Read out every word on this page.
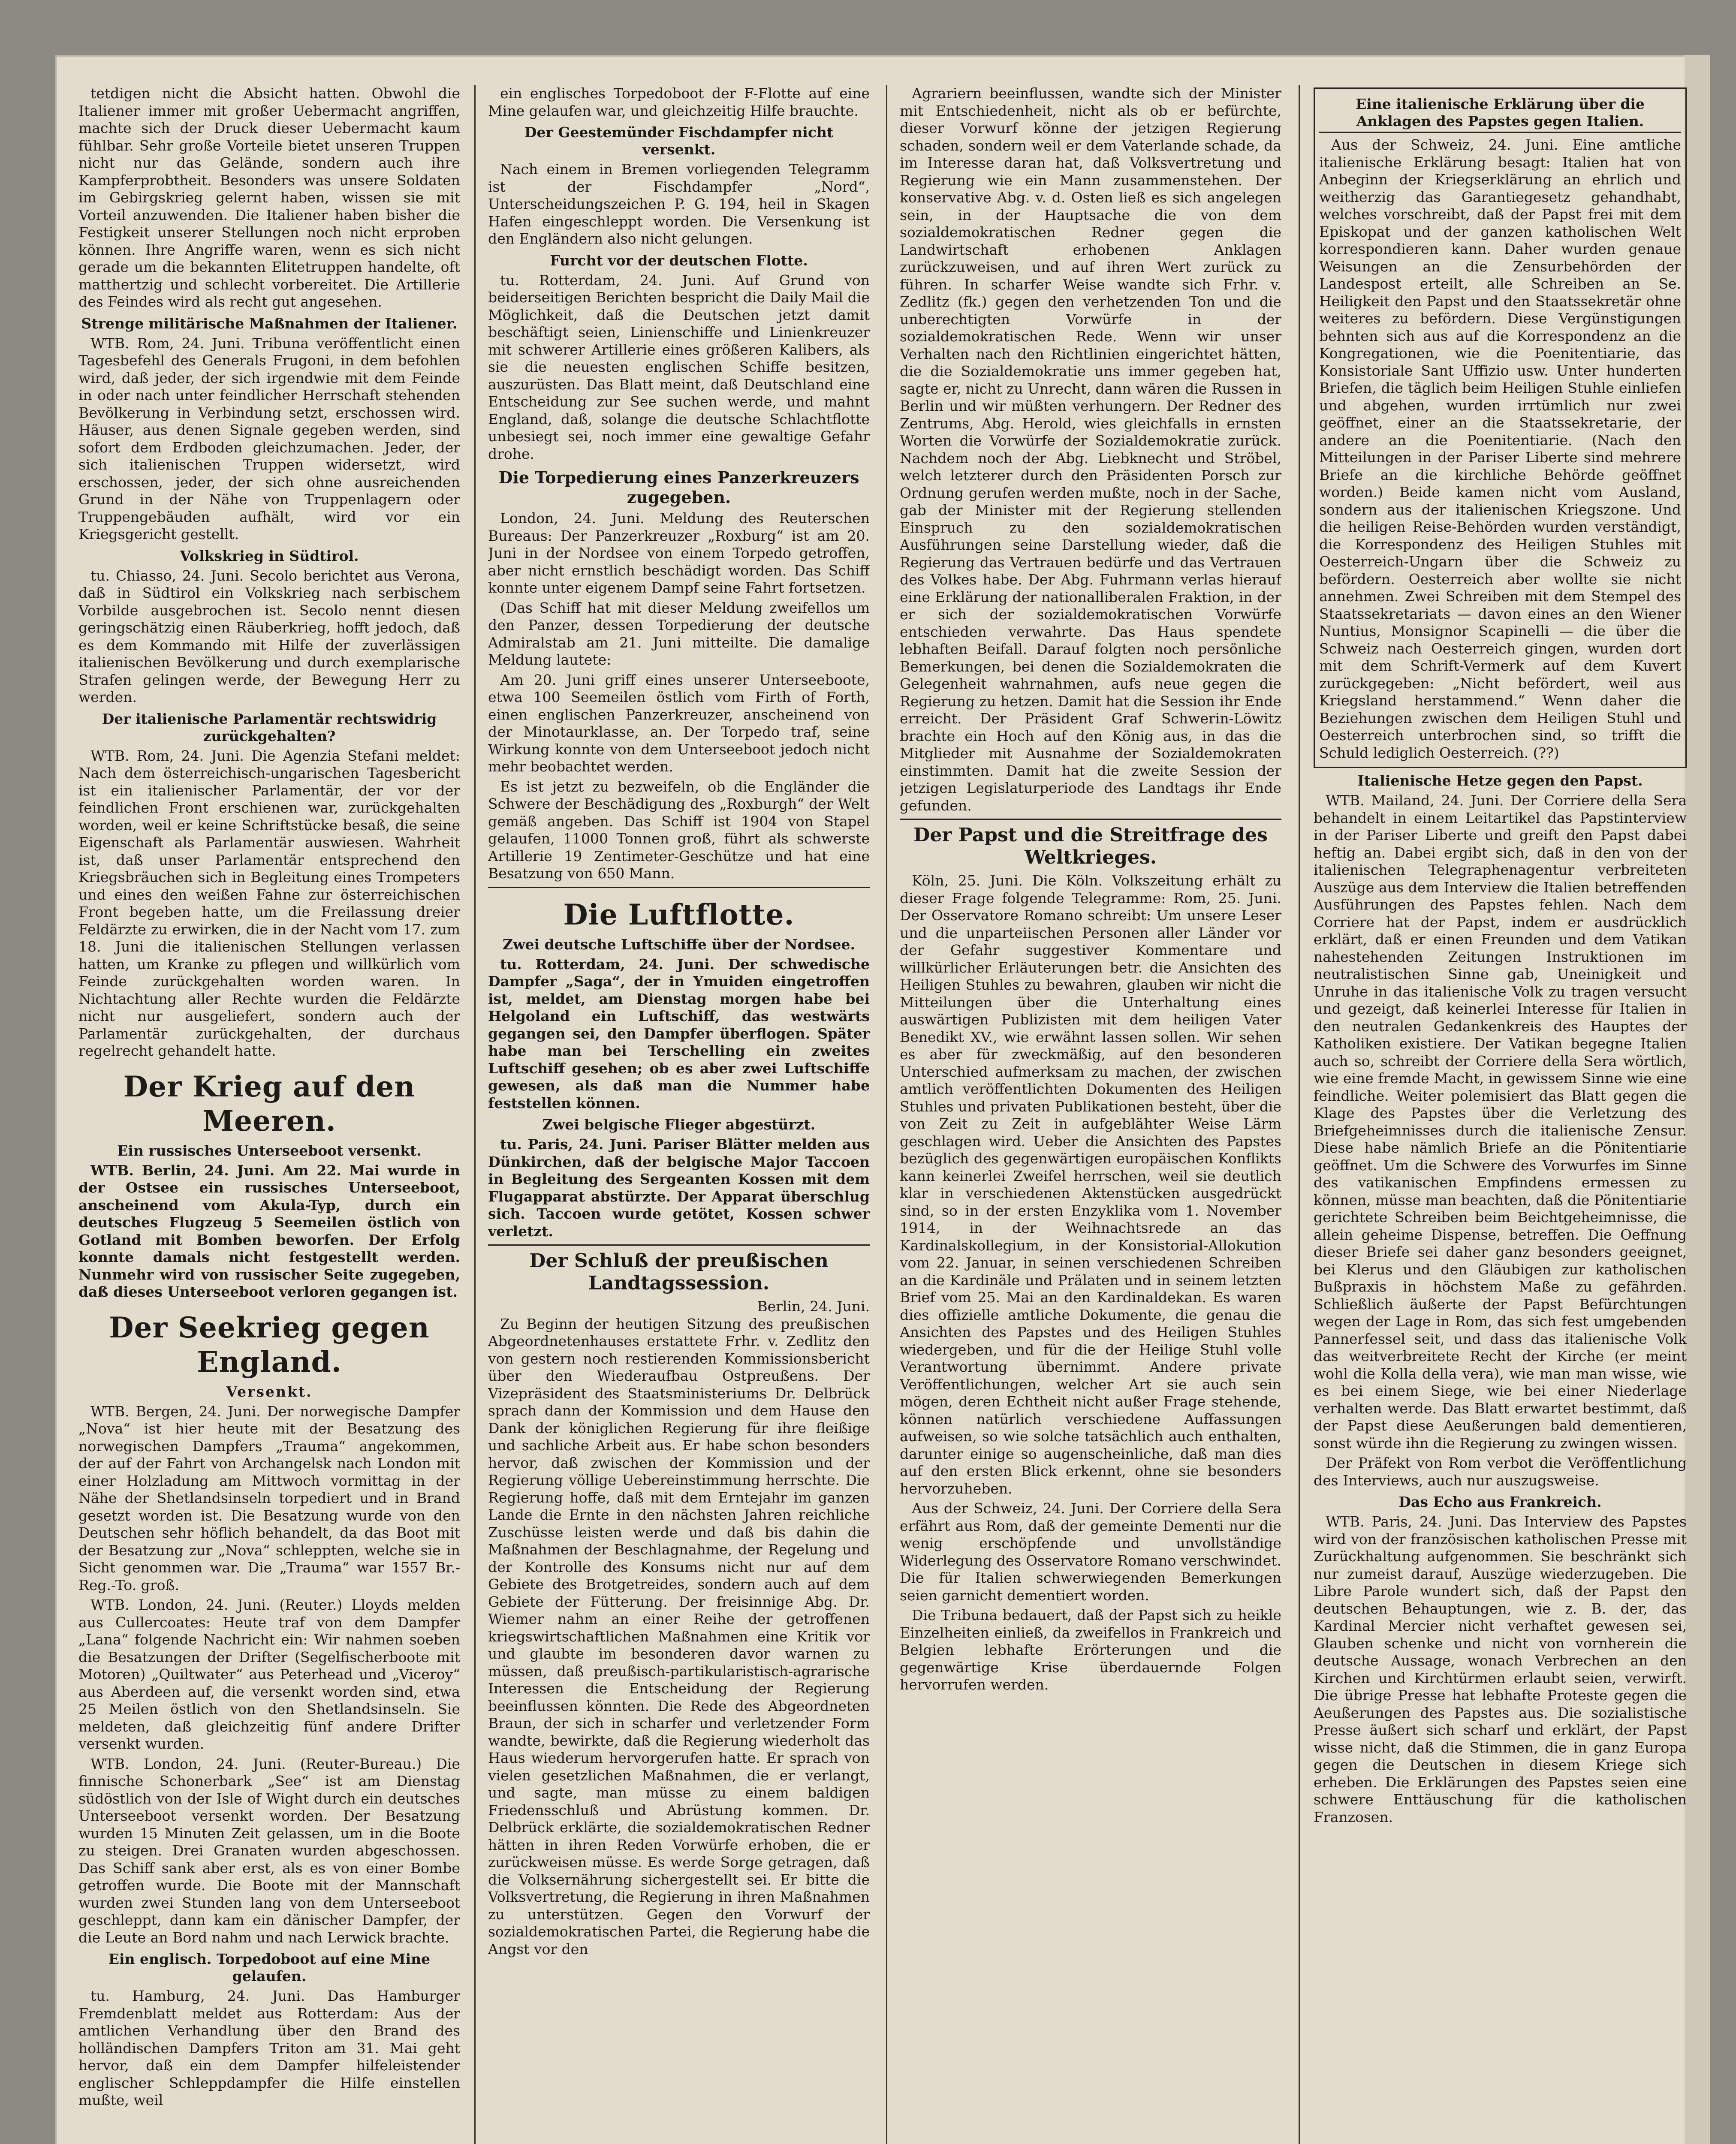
tetdigen nicht die Absicht hatten. Obwohl die Italiener immer mit großer Uebermacht angriffen, machte sich der Druck dieser Uebermacht kaum fühlbar. Sehr große Vorteile bietet unseren Truppen nicht nur das Gelände, sondern auch ihre Kampferprobtheit. Besonders was unsere Soldaten im Gebirgskrieg gelernt haben, wissen sie mit Vorteil anzuwenden. Die Italiener haben bisher die Festigkeit unserer Stellungen noch nicht erproben können. Ihre Angriffe waren, wenn es sich nicht gerade um die bekannten Elitetruppen handelte, oft matthertzig und schlecht vorbereitet. Die Artillerie des Feindes wird als recht gut angesehen.

Strenge militärische Maßnahmen der Italiener.

WTB. Rom, 24. Juni. Tribuna veröffentlicht einen Tagesbefehl des Generals Frugoni, in dem befohlen wird, daß jeder, der sich irgendwie mit dem Feinde in oder nach unter feindlicher Herrschaft stehenden Bevölkerung in Verbindung setzt, erschossen wird. Häuser, aus denen Signale gegeben werden, sind sofort dem Erdboden gleichzumachen. Jeder, der sich italienischen Truppen widersetzt, wird erschossen, jeder, der sich ohne ausreichenden Grund in der Nähe von Truppenlagern oder Truppengebäuden aufhält, wird vor ein Kriegsgericht gestellt.

Volkskrieg in Südtirol.

tu. Chiasso, 24. Juni. Secolo berichtet aus Verona, daß in Südtirol ein Volkskrieg nach serbischem Vorbilde ausgebrochen ist. Secolo nennt diesen geringschätzig einen Räuberkrieg, hofft jedoch, daß es dem Kommando mit Hilfe der zuverlässigen italienischen Bevölkerung und durch exemplarische Strafen gelingen werde, der Bewegung Herr zu werden.

Der italienische Parlamentär rechtswidrig zurückgehalten?

WTB. Rom, 24. Juni. Die Agenzia Stefani meldet: Nach dem österreichisch-ungarischen Tagesbericht ist ein italienischer Parlamentär, der vor der feindlichen Front erschienen war, zurückgehalten worden, weil er keine Schriftstücke besaß, die seine Eigenschaft als Parlamentär auswiesen. Wahrheit ist, daß unser Parlamentär entsprechend den Kriegsbräuchen sich in Begleitung eines Trompeters und eines den weißen Fahne zur österreichischen Front begeben hatte, um die Freilassung dreier Feldärzte zu erwirken, die in der Nacht vom 17. zum 18. Juni die italienischen Stellungen verlassen hatten, um Kranke zu pflegen und willkürlich vom Feinde zurückgehalten worden waren. In Nichtachtung aller Rechte wurden die Feldärzte nicht nur ausgeliefert, sondern auch der Parlamentär zurückgehalten, der durchaus regelrecht gehandelt hatte.

Der Krieg auf den Meeren.
Ein russisches Unterseeboot versenkt.

WTB. Berlin, 24. Juni. Am 22. Mai wurde in der Ostsee ein russisches Unterseeboot, anscheinend vom Akula-Typ, durch ein deutsches Flugzeug 5 Seemeilen östlich von Gotland mit Bomben beworfen. Der Erfolg konnte damals nicht festgestellt werden. Nunmehr wird von russischer Seite zugegeben, daß dieses Unterseeboot verloren gegangen ist.

Der Seekrieg gegen England.
Versenkt.

WTB. Bergen, 24. Juni. Der norwegische Dampfer „Nova“ ist hier heute mit der Besatzung des norwegischen Dampfers „Trauma“ angekommen, der auf der Fahrt von Archangelsk nach London mit einer Holzladung am Mittwoch vormittag in der Nähe der Shetlandsinseln torpediert und in Brand gesetzt worden ist. Die Besatzung wurde von den Deutschen sehr höflich behandelt, da das Boot mit der Besatzung zur „Nova“ schleppten, welche sie in Sicht genommen war. Die „Trauma“ war 1557 Br.-Reg.-To. groß.

WTB. London, 24. Juni. (Reuter.) Lloyds melden aus Cullercoates: Heute traf von dem Dampfer „Lana“ folgende Nachricht ein: Wir nahmen soeben die Besatzungen der Drifter (Segelfischerboote mit Motoren) „Quiltwater“ aus Peterhead und „Viceroy“ aus Aberdeen auf, die versenkt worden sind, etwa 25 Meilen östlich von den Shetlandsinseln. Sie meldeten, daß gleichzeitig fünf andere Drifter versenkt wurden.

WTB. London, 24. Juni. (Reuter-Bureau.) Die finnische Schonerbark „See“ ist am Dienstag südöstlich von der Isle of Wight durch ein deutsches Unterseeboot versenkt worden. Der Besatzung wurden 15 Minuten Zeit gelassen, um in die Boote zu steigen. Drei Granaten wurden abgeschossen. Das Schiff sank aber erst, als es von einer Bombe getroffen wurde. Die Boote mit der Mannschaft wurden zwei Stunden lang von dem Unterseeboot geschleppt, dann kam ein dänischer Dampfer, der die Leute an Bord nahm und nach Lerwick brachte.

Ein englisch. Torpedoboot auf eine Mine gelaufen.

tu. Hamburg, 24. Juni. Das Hamburger Fremdenblatt meldet aus Rotterdam: Aus der amtlichen Verhandlung über den Brand des holländischen Dampfers Triton am 31. Mai geht hervor, daß ein dem Dampfer hilfeleistender englischer Schleppdampfer die Hilfe einstellen mußte, weil

ein englisches Torpedoboot der F-Flotte auf eine Mine gelaufen war, und gleichzeitig Hilfe brauchte.

Der Geestemünder Fischdampfer nicht versenkt.

Nach einem in Bremen vorliegenden Telegramm ist der Fischdampfer „Nord“, Unterscheidungszeichen P. G. 194, heil in Skagen Hafen eingeschleppt worden. Die Versenkung ist den Engländern also nicht gelungen.

Furcht vor der deutschen Flotte.

tu. Rotterdam, 24. Juni. Auf Grund von beiderseitigen Berichten bespricht die Daily Mail die Möglichkeit, daß die Deutschen jetzt damit beschäftigt seien, Linienschiffe und Linienkreuzer mit schwerer Artillerie eines größeren Kalibers, als sie die neuesten englischen Schiffe besitzen, auszurüsten. Das Blatt meint, daß Deutschland eine Entscheidung zur See suchen werde, und mahnt England, daß, solange die deutsche Schlachtflotte unbesiegt sei, noch immer eine gewaltige Gefahr drohe.

Die Torpedierung eines Panzerkreuzers zugegeben.

London, 24. Juni. Meldung des Reuterschen Bureaus: Der Panzerkreuzer „Roxburg“ ist am 20. Juni in der Nordsee von einem Torpedo getroffen, aber nicht ernstlich beschädigt worden. Das Schiff konnte unter eigenem Dampf seine Fahrt fortsetzen.

(Das Schiff hat mit dieser Meldung zweifellos um den Panzer, dessen Torpedierung der deutsche Admiralstab am 21. Juni mitteilte. Die damalige Meldung lautete:

Am 20. Juni griff eines unserer Unterseeboote, etwa 100 Seemeilen östlich vom Firth of Forth, einen englischen Panzerkreuzer, anscheinend von der Minotaurklasse, an. Der Torpedo traf, seine Wirkung konnte von dem Unterseeboot jedoch nicht mehr beobachtet werden.

Es ist jetzt zu bezweifeln, ob die Engländer die Schwere der Beschädigung des „Roxburgh“ der Welt gemäß angeben. Das Schiff ist 1904 von Stapel gelaufen, 11000 Tonnen groß, führt als schwerste Artillerie 19 Zentimeter-Geschütze und hat eine Besatzung von 650 Mann.

Die Luftflotte.
Zwei deutsche Luftschiffe über der Nordsee.

tu. Rotterdam, 24. Juni. Der schwedische Dampfer „Saga“, der in Ymuiden eingetroffen ist, meldet, am Dienstag morgen habe bei Helgoland ein Luftschiff, das westwärts gegangen sei, den Dampfer überflogen. Später habe man bei Terschelling ein zweites Luftschiff gesehen; ob es aber zwei Luftschiffe gewesen, als daß man die Nummer habe feststellen können.

Zwei belgische Flieger abgestürzt.

tu. Paris, 24. Juni. Pariser Blätter melden aus Dünkirchen, daß der belgische Major Taccoen in Begleitung des Sergeanten Kossen mit dem Flugapparat abstürzte. Der Apparat überschlug sich. Taccoen wurde getötet, Kossen schwer verletzt.

Der Schluß der preußischen Landtagssession.
Berlin, 24. Juni.

Zu Beginn der heutigen Sitzung des preußischen Abgeordnetenhauses erstattete Frhr. v. Zedlitz den von gestern noch restierenden Kommissionsbericht über den Wiederaufbau Ostpreußens. Der Vizepräsident des Staatsministeriums Dr. Delbrück sprach dann der Kommission und dem Hause den Dank der königlichen Regierung für ihre fleißige und sachliche Arbeit aus. Er habe schon besonders hervor, daß zwischen der Kommission und der Regierung völlige Uebereinstimmung herrschte. Die Regierung hoffe, daß mit dem Erntejahr im ganzen Lande die Ernte in den nächsten Jahren reichliche Zuschüsse leisten werde und daß bis dahin die Maßnahmen der Beschlagnahme, der Regelung und der Kontrolle des Konsums nicht nur auf dem Gebiete des Brotgetreides, sondern auch auf dem Gebiete der Fütterung. Der freisinnige Abg. Dr. Wiemer nahm an einer Reihe der getroffenen kriegswirtschaftlichen Maßnahmen eine Kritik vor und glaubte im besonderen davor warnen zu müssen, daß preußisch-partikularistisch-agrarische Interessen die Entscheidung der Regierung beeinflussen könnten. Die Rede des Abgeordneten Braun, der sich in scharfer und verletzender Form wandte, bewirkte, daß die Regierung wiederholt das Haus wiederum hervorgerufen hatte. Er sprach von vielen gesetzlichen Maßnahmen, die er verlangt, und sagte, man müsse zu einem baldigen Friedensschluß und Abrüstung kommen. Dr. Delbrück erklärte, die sozialdemokratischen Redner hätten in ihren Reden Vorwürfe erhoben, die er zurückweisen müsse. Es werde Sorge getragen, daß die Volksernährung sichergestellt sei. Er bitte die Volksvertretung, die Regierung in ihren Maßnahmen zu unterstützen. Gegen den Vorwurf der sozialdemokratischen Partei, die Regierung habe die Angst vor den

Agrariern beeinflussen, wandte sich der Minister mit Entschiedenheit, nicht als ob er befürchte, dieser Vorwurf könne der jetzigen Regierung schaden, sondern weil er dem Vaterlande schade, da im Interesse daran hat, daß Volksvertretung und Regierung wie ein Mann zusammenstehen. Der konservative Abg. v. d. Osten ließ es sich angelegen sein, in der Hauptsache die von dem sozialdemokratischen Redner gegen die Landwirtschaft erhobenen Anklagen zurückzuweisen, und auf ihren Wert zurück zu führen. In scharfer Weise wandte sich Frhr. v. Zedlitz (fk.) gegen den verhetzenden Ton und die unberechtigten Vorwürfe in der sozialdemokratischen Rede. Wenn wir unser Verhalten nach den Richtlinien eingerichtet hätten, die die Sozialdemokratie uns immer gegeben hat, sagte er, nicht zu Unrecht, dann wären die Russen in Berlin und wir müßten verhungern. Der Redner des Zentrums, Abg. Herold, wies gleichfalls in ernsten Worten die Vorwürfe der Sozialdemokratie zurück. Nachdem noch der Abg. Liebknecht und Ströbel, welch letzterer durch den Präsidenten Porsch zur Ordnung gerufen werden mußte, noch in der Sache, gab der Minister mit der Regierung stellenden Einspruch zu den sozialdemokratischen Ausführungen seine Darstellung wieder, daß die Regierung das Vertrauen bedürfe und das Vertrauen des Volkes habe. Der Abg. Fuhrmann verlas hierauf eine Erklärung der nationalliberalen Fraktion, in der er sich der sozialdemokratischen Vorwürfe entschieden verwahrte. Das Haus spendete lebhaften Beifall. Darauf folgten noch persönliche Bemerkungen, bei denen die Sozialdemokraten die Gelegenheit wahrnahmen, aufs neue gegen die Regierung zu hetzen. Damit hat die Session ihr Ende erreicht. Der Präsident Graf Schwerin-Löwitz brachte ein Hoch auf den König aus, in das die Mitglieder mit Ausnahme der Sozialdemokraten einstimmten. Damit hat die zweite Session der jetzigen Legislaturperiode des Landtags ihr Ende gefunden.

Der Papst und die Streitfrage des Weltkrieges.

Köln, 25. Juni. Die Köln. Volkszeitung erhält zu dieser Frage folgende Telegramme: Rom, 25. Juni. Der Osservatore Romano schreibt: Um unsere Leser und die unparteiischen Personen aller Länder vor der Gefahr suggestiver Kommentare und willkürlicher Erläuterungen betr. die Ansichten des Heiligen Stuhles zu bewahren, glauben wir nicht die Mitteilungen über die Unterhaltung eines auswärtigen Publizisten mit dem heiligen Vater Benedikt XV., wie erwähnt lassen sollen. Wir sehen es aber für zweckmäßig, auf den besonderen Unterschied aufmerksam zu machen, der zwischen amtlich veröffentlichten Dokumenten des Heiligen Stuhles und privaten Publikationen besteht, über die von Zeit zu Zeit in aufgeblähter Weise Lärm geschlagen wird. Ueber die Ansichten des Papstes bezüglich des gegenwärtigen europäischen Konflikts kann keinerlei Zweifel herrschen, weil sie deutlich klar in verschiedenen Aktenstücken ausgedrückt sind, so in der ersten Enzyklika vom 1. November 1914, in der Weihnachtsrede an das Kardinalskollegium, in der Konsistorial-Allokution vom 22. Januar, in seinen verschiedenen Schreiben an die Kardinäle und Prälaten und in seinem letzten Brief vom 25. Mai an den Kardinaldekan. Es waren dies offizielle amtliche Dokumente, die genau die Ansichten des Papstes und des Heiligen Stuhles wiedergeben, und für die der Heilige Stuhl volle Verantwortung übernimmt. Andere private Veröffentlichungen, welcher Art sie auch sein mögen, deren Echtheit nicht außer Frage stehende, können natürlich verschiedene Auffassungen aufweisen, so wie solche tatsächlich auch enthalten, darunter einige so augenscheinliche, daß man dies auf den ersten Blick erkennt, ohne sie besonders hervorzuheben.

Aus der Schweiz, 24. Juni. Der Corriere della Sera erfährt aus Rom, daß der gemeinte Dementi nur die wenig erschöpfende und unvollständige Widerlegung des Osservatore Romano verschwindet. Die für Italien schwerwiegenden Bemerkungen seien garnicht dementiert worden.

Die Tribuna bedauert, daß der Papst sich zu heikle Einzelheiten einließ, da zweifellos in Frankreich und Belgien lebhafte Erörterungen und die gegenwärtige Krise überdauernde Folgen hervorrufen werden.

Eine italienische Erklärung über die Anklagen des Papstes gegen Italien.

Aus der Schweiz, 24. Juni. Eine amtliche italienische Erklärung besagt: Italien hat von Anbeginn der Kriegserklärung an ehrlich und weitherzig das Garantiegesetz gehandhabt, welches vorschreibt, daß der Papst frei mit dem Episkopat und der ganzen katholischen Welt korrespondieren kann. Daher wurden genaue Weisungen an die Zensurbehörden der Landespost erteilt, alle Schreiben an Se. Heiligkeit den Papst und den Staatssekretär ohne weiteres zu befördern. Diese Vergünstigungen behnten sich aus auf die Korrespondenz an die Kongregationen, wie die Poenitentiarie, das Konsistoriale Sant Uffizio usw. Unter hunderten Briefen, die täglich beim Heiligen Stuhle einliefen und abgehen, wurden irrtümlich nur zwei geöffnet, einer an die Staatssekretarie, der andere an die Poenitentiarie. (Nach den Mitteilungen in der Pariser Liberte sind mehrere Briefe an die kirchliche Behörde geöffnet worden.) Beide kamen nicht vom Ausland, sondern aus der italienischen Kriegszone. Und die heiligen Reise-Behörden wurden verständigt, die Korrespondenz des Heiligen Stuhles mit Oesterreich-Ungarn über die Schweiz zu befördern. Oesterreich aber wollte sie nicht annehmen. Zwei Schreiben mit dem Stempel des Staatssekretariats — davon eines an den Wiener Nuntius, Monsignor Scapinelli — die über die Schweiz nach Oesterreich gingen, wurden dort mit dem Schrift-Vermerk auf dem Kuvert zurückgegeben: „Nicht befördert, weil aus Kriegsland herstammend.“ Wenn daher die Beziehungen zwischen dem Heiligen Stuhl und Oesterreich unterbrochen sind, so trifft die Schuld lediglich Oesterreich. (??)

Italienische Hetze gegen den Papst.

WTB. Mailand, 24. Juni. Der Corriere della Sera behandelt in einem Leitartikel das Papstinterview in der Pariser Liberte und greift den Papst dabei heftig an. Dabei ergibt sich, daß in den von der italienischen Telegraphenagentur verbreiteten Auszüge aus dem Interview die Italien betreffenden Ausführungen des Papstes fehlen. Nach dem Corriere hat der Papst, indem er ausdrücklich erklärt, daß er einen Freunden und dem Vatikan nahestehenden Zeitungen Instruktionen im neutralistischen Sinne gab, Uneinigkeit und Unruhe in das italienische Volk zu tragen versucht und gezeigt, daß keinerlei Interesse für Italien in den neutralen Gedankenkreis des Hauptes der Katholiken existiere. Der Vatikan begegne Italien auch so, schreibt der Corriere della Sera wörtlich, wie eine fremde Macht, in gewissem Sinne wie eine feindliche. Weiter polemisiert das Blatt gegen die Klage des Papstes über die Verletzung des Briefgeheimnisses durch die italienische Zensur. Diese habe nämlich Briefe an die Pönitentiarie geöffnet. Um die Schwere des Vorwurfes im Sinne des vatikanischen Empfindens ermessen zu können, müsse man beachten, daß die Pönitentiarie gerichtete Schreiben beim Beichtgeheimnisse, die allein geheime Dispense, betreffen. Die Oeffnung dieser Briefe sei daher ganz besonders geeignet, bei Klerus und den Gläubigen zur katholischen Bußpraxis in höchstem Maße zu gefährden. Schließlich äußerte der Papst Befürchtungen wegen der Lage in Rom, das sich fest umgebenden Pannerfessel seit, und dass das italienische Volk das weitverbreitete Recht der Kirche (er meint wohl die Kolla della vera), wie man man wisse, wie es bei einem Siege, wie bei einer Niederlage verhalten werde. Das Blatt erwartet bestimmt, daß der Papst diese Aeußerungen bald dementieren, sonst würde ihn die Regierung zu zwingen wissen.

Der Präfekt von Rom verbot die Veröffentlichung des Interviews, auch nur auszugsweise.

Das Echo aus Frankreich.

WTB. Paris, 24. Juni. Das Interview des Papstes wird von der französischen katholischen Presse mit Zurückhaltung aufgenommen. Sie beschränkt sich nur zumeist darauf, Auszüge wiederzugeben. Die Libre Parole wundert sich, daß der Papst den deutschen Behauptungen, wie z. B. der, das Kardinal Mercier nicht verhaftet gewesen sei, Glauben schenke und nicht von vornherein die deutsche Aussage, wonach Verbrechen an den Kirchen und Kirchtürmen erlaubt seien, verwirft. Die übrige Presse hat lebhafte Proteste gegen die Aeußerungen des Papstes aus. Die sozialistische Presse äußert sich scharf und erklärt, der Papst wisse nicht, daß die Stimmen, die in ganz Europa gegen die Deutschen in diesem Kriege sich erheben. Die Erklärungen des Papstes seien eine schwere Enttäuschung für die katholischen Franzosen.
